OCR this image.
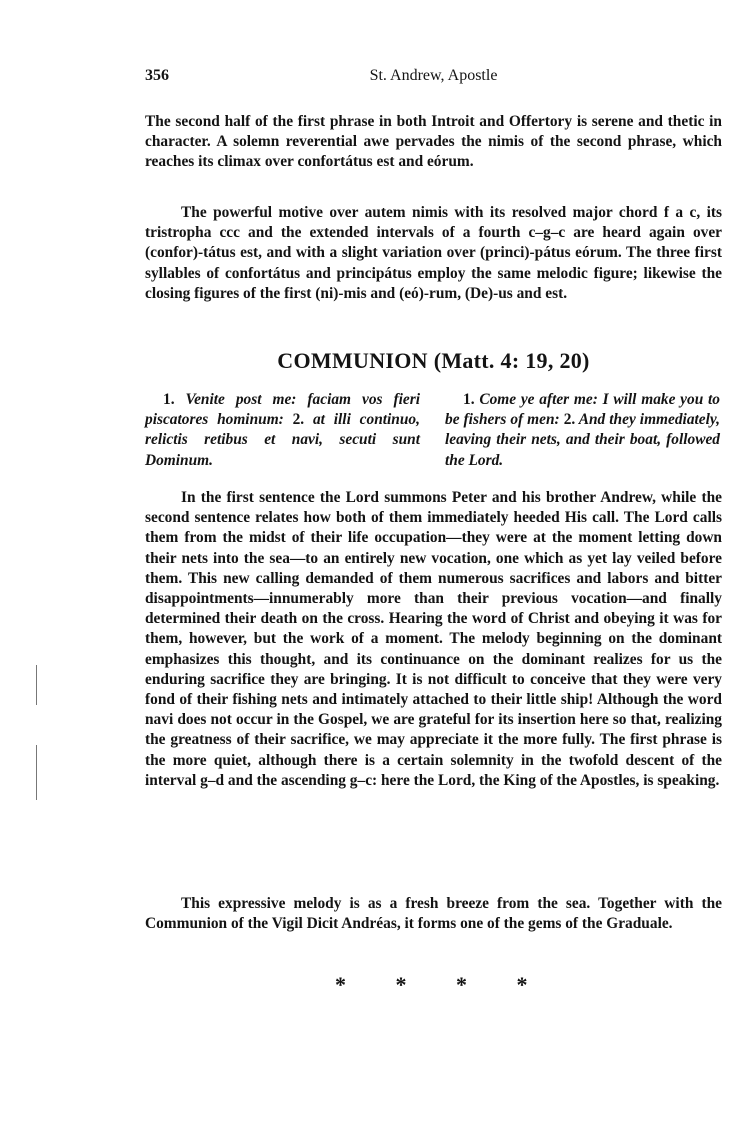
356	St. Andrew, Apostle

The second half of the first phrase in both Introit and Offertory is serene and thetic in character. A solemn reverential awe pervades the nimis of the second phrase, which reaches its climax over confortátus est and eórum.

The powerful motive over autem nimis with its resolved major chord f a c, its tristropha ccc and the extended intervals of a fourth c–g–c are heard again over (confor)-tátus est, and with a slight variation over (princi)-pátus eórum. The three first syllables of confortátus and principátus employ the same melodic figure; likewise the closing figures of the first (ni)-mis and (eó)-rum, (De)-us and est.

COMMUNION (Matt. 4: 19, 20)
1. Venite post me: faciam vos fieri piscatores hominum: 2. at illi continuo, relictis retibus et navi, secuti sunt Dominum.
1. Come ye after me: I will make you to be fishers of men: 2. And they immediately, leaving their nets, and their boat, followed the Lord.

In the first sentence the Lord summons Peter and his brother Andrew, while the second sentence relates how both of them immediately heeded His call. The Lord calls them from the midst of their life occupation—they were at the moment letting down their nets into the sea—to an entirely new vocation, one which as yet lay veiled before them. This new calling demanded of them numerous sacrifices and labors and bitter disappointments—innumerably more than their previous vocation—and finally determined their death on the cross. Hearing the word of Christ and obeying it was for them, however, but the work of a moment. The melody beginning on the dominant emphasizes this thought, and its continuance on the dominant realizes for us the enduring sacrifice they are bringing. It is not difficult to conceive that they were very fond of their fishing nets and intimately attached to their little ship! Although the word navi does not occur in the Gospel, we are grateful for its insertion here so that, realizing the greatness of their sacrifice, we may appreciate it the more fully. The first phrase is the more quiet, although there is a certain solemnity in the twofold descent of the interval g–d and the ascending g–c: here the Lord, the King of the Apostles, is speaking.

This expressive melody is as a fresh breeze from the sea. Together with the Communion of the Vigil Dicit Andréas, it forms one of the gems of the Graduale.

* * * *
